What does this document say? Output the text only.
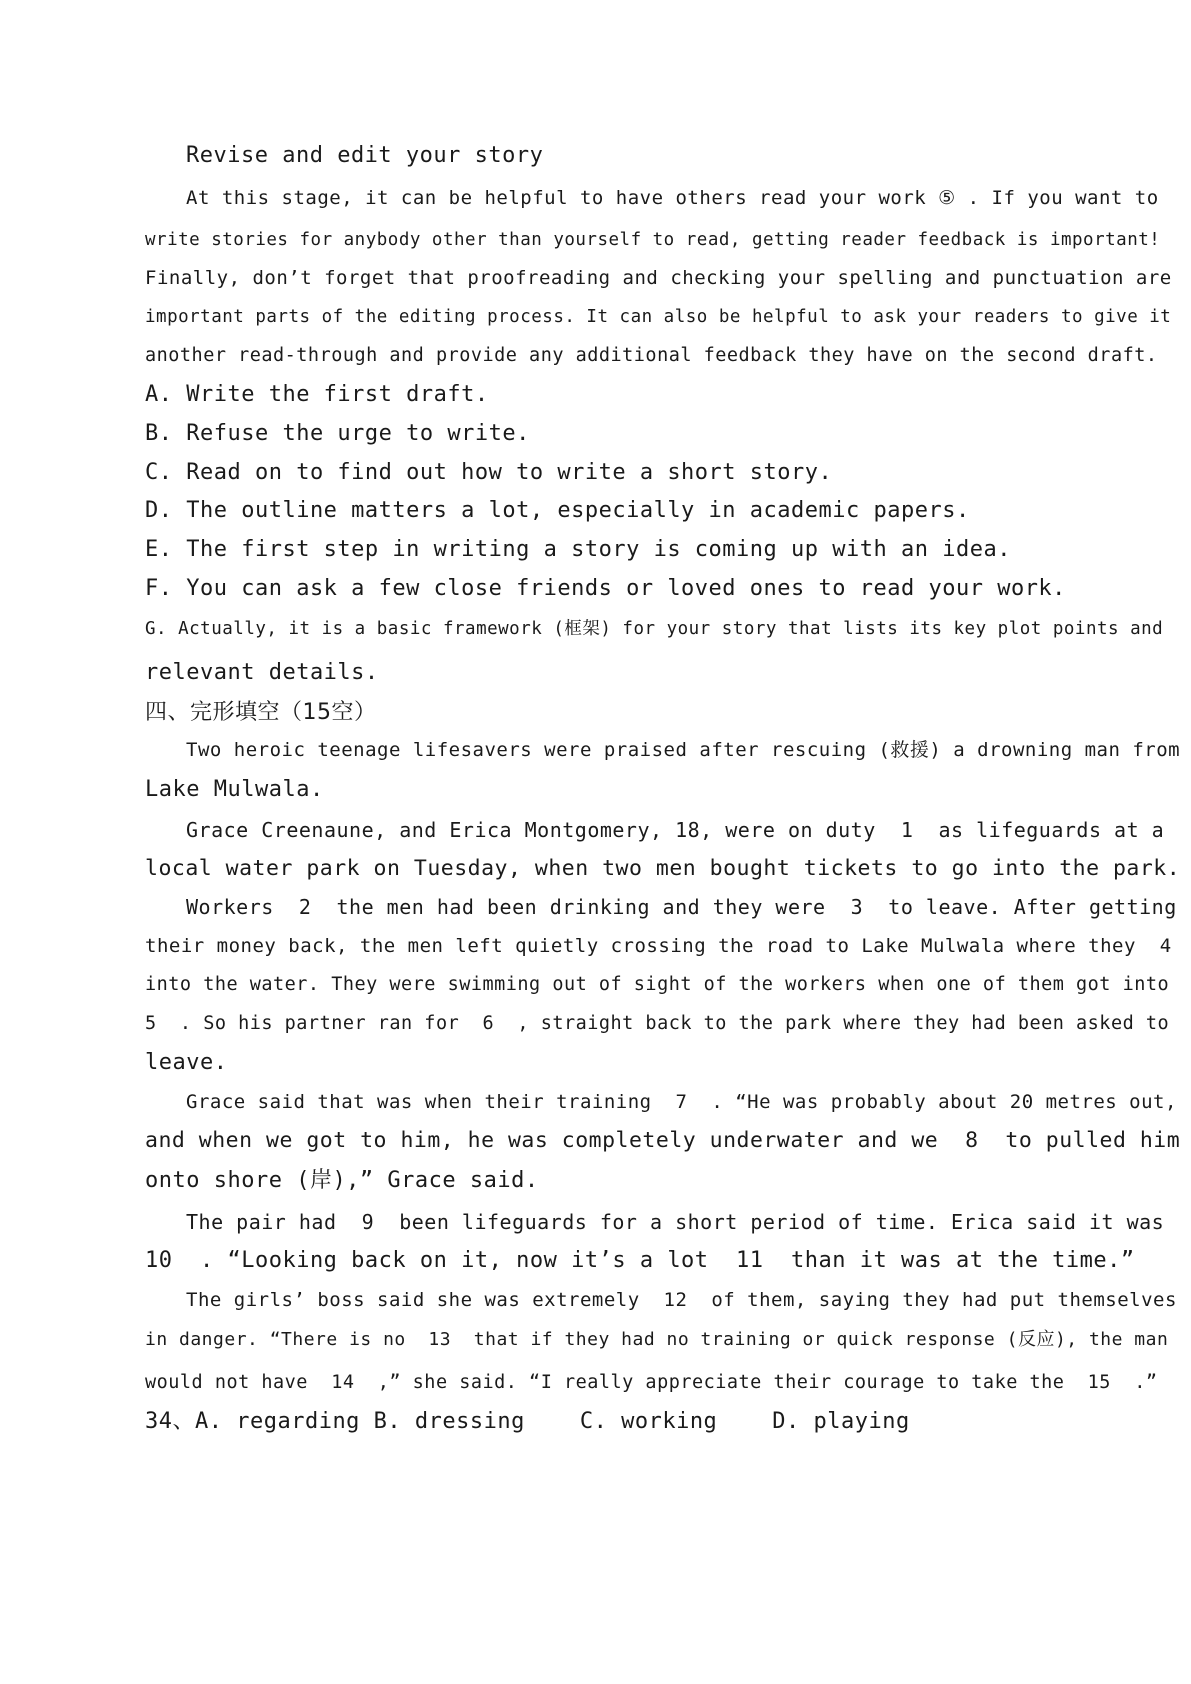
Revise and edit your story
At this stage, it can be helpful to have others read your work ⑤ . If you want to
write stories for anybody other than yourself to read, getting reader feedback is important!
Finally, don’t forget that proofreading and checking your spelling and punctuation are
important parts of the editing process. It can also be helpful to ask your readers to give it
another read-through and provide any additional feedback they have on the second draft.
A. Write the first draft.
B. Refuse the urge to write.
C. Read on to find out how to write a short story.
D. The outline matters a lot, especially in academic papers.
E. The first step in writing a story is coming up with an idea.
F. You can ask a few close friends or loved ones to read your work.
G. Actually, it is a basic framework (框架) for your story that lists its key plot points and
relevant details.
四、完形填空（15空）
Two heroic teenage lifesavers were praised after rescuing (救援) a drowning man from
Lake Mulwala.
Grace Creenaune, and Erica Montgomery, 18, were on duty  1  as lifeguards at a
local water park on Tuesday, when two men bought tickets to go into the park.
Workers  2  the men had been drinking and they were  3  to leave. After getting
their money back, the men left quietly crossing the road to Lake Mulwala where they  4
into the water. They were swimming out of sight of the workers when one of them got into
5  . So his partner ran for  6  , straight back to the park where they had been asked to
leave.
Grace said that was when their training  7  . “He was probably about 20 metres out,
and when we got to him, he was completely underwater and we  8  to pulled him
onto shore (岸),” Grace said.
The pair had  9  been lifeguards for a short period of time. Erica said it was
10  . “Looking back on it, now it’s a lot  11  than it was at the time.”
The girls’ boss said she was extremely  12  of them, saying they had put themselves
in danger. “There is no  13  that if they had no training or quick response (反应), the man
would not have  14  ,” she said. “I really appreciate their courage to take the  15  .”
34、A. regarding B. dressing    C. working    D. playing
